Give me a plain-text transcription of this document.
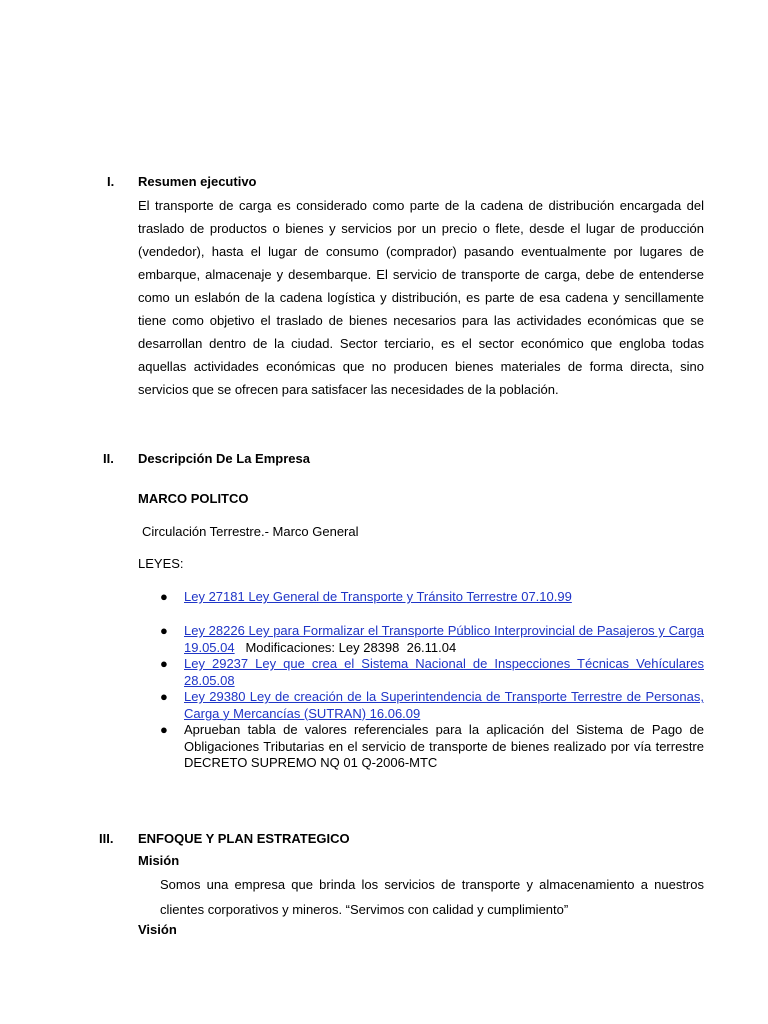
I. Resumen ejecutivo

El transporte de carga es considerado como parte de la cadena de distribución encargada del traslado de productos o bienes y servicios por un precio o flete, desde el lugar de producción (vendedor), hasta el lugar de consumo (comprador) pasando eventualmente por lugares de embarque, almacenaje y desembarque. El servicio de transporte de carga, debe de entenderse como un eslabón de la cadena logística y distribución, es parte de esa cadena y sencillamente tiene como objetivo el traslado de bienes necesarios para las actividades económicas que se desarrollan dentro de la ciudad. Sector terciario, es el sector económico que engloba todas aquellas actividades económicas que no producen bienes materiales de forma directa, sino servicios que se ofrecen para satisfacer las necesidades de la población.

II. Descripción De La Empresa
MARCO POLITCO
Circulación Terrestre.- Marco General
LEYES:
● Ley 27181 Ley General de Transporte y Tránsito Terrestre 07.10.99
● Ley 28226 Ley para Formalizar el Transporte Público Interprovincial de Pasajeros y Carga 19.05.04   Modificaciones: Ley 28398  26.11.04
● Ley 29237 Ley que crea el Sistema Nacional de Inspecciones Técnicas Vehículares 28.05.08
● Ley 29380 Ley de creación de la Superintendencia de Transporte Terrestre de Personas, Carga y Mercancías (SUTRAN) 16.06.09
● Aprueban tabla de valores referenciales para la aplicación del Sistema de Pago de Obligaciones Tributarias en el servicio de transporte de bienes realizado por vía terrestre DECRETO SUPREMO NQ 01 Q-2006-MTC
III. ENFOQUE Y PLAN ESTRATEGICO
Misión

Somos una empresa que brinda los servicios de transporte y almacenamiento a nuestros clientes corporativos y mineros. “Servimos con calidad y cumplimiento”

Visión
